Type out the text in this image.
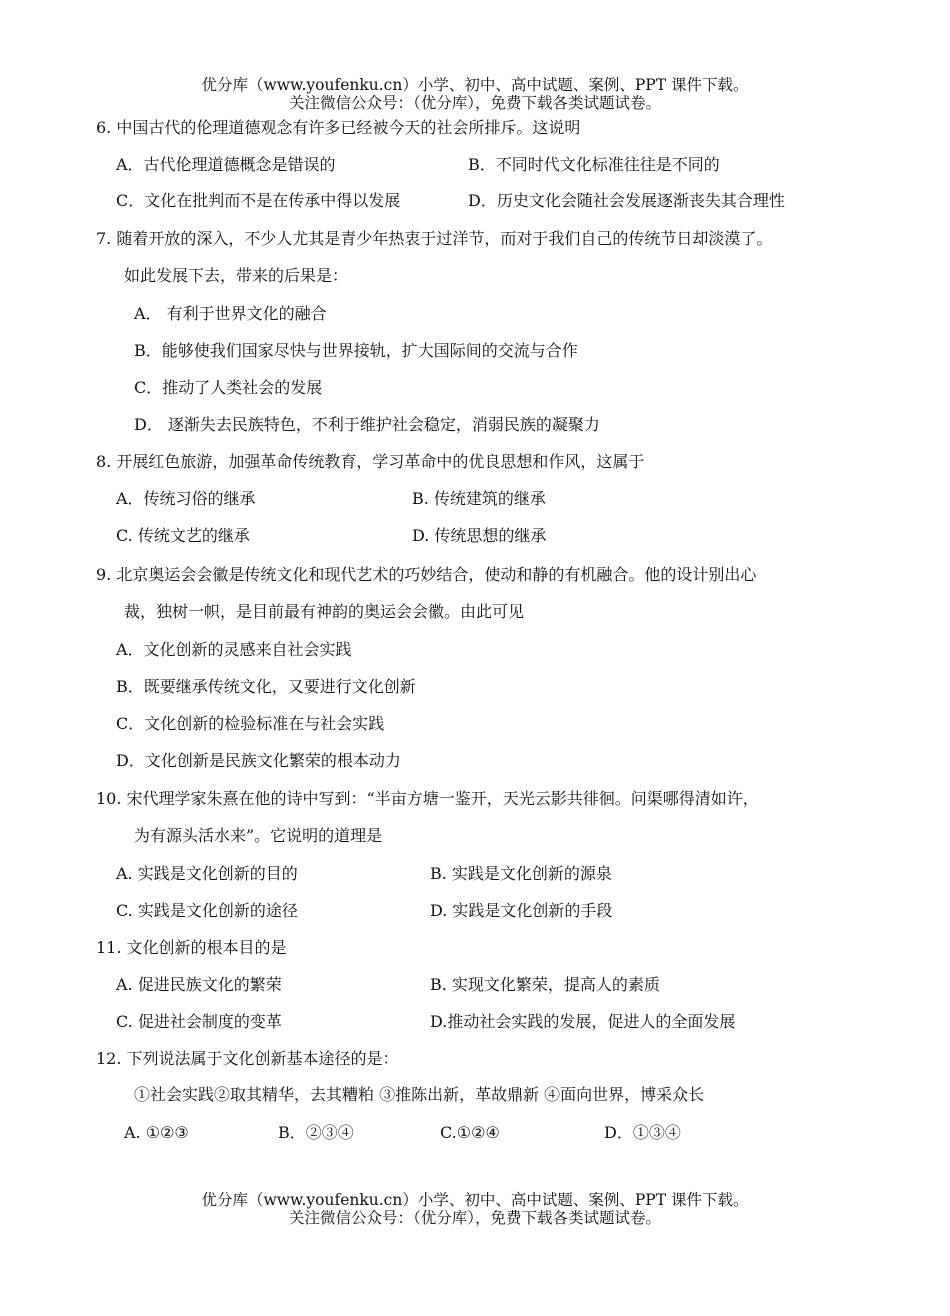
优分库（www.youfenku.cn）小学、初中、高中试题、案例、PPT 课件下载。
关注微信公众号：（优分库），免费下载各类试题试卷。
6. 中国古代的伦理道德观念有许多已经被今天的社会所排斥。这说明
A．古代伦理道德概念是错误的	B．不同时代文化标准往往是不同的
C．文化在批判而不是在传承中得以发展	D．历史文化会随社会发展逐渐丧失其合理性
7. 随着开放的深入，不少人尤其是青少年热衷于过洋节，而对于我们自己的传统节日却淡漠了。
如此发展下去，带来的后果是：
A． 有利于世界文化的融合
B．能够使我们国家尽快与世界接轨，扩大国际间的交流与合作
C．推动了人类社会的发展
D． 逐渐失去民族特色，不利于维护社会稳定，消弱民族的凝聚力
8. 开展红色旅游，加强革命传统教育，学习革命中的优良思想和作风，这属于
A．传统习俗的继承	B. 传统建筑的继承
C. 传统文艺的继承	D. 传统思想的继承
9. 北京奥运会会徽是传统文化和现代艺术的巧妙结合，使动和静的有机融合。他的设计别出心
裁，独树一帜，是目前最有神韵的奥运会会徽。由此可见
A．文化创新的灵感来自社会实践
B．既要继承传统文化，又要进行文化创新
C．文化创新的检验标准在与社会实践
D．文化创新是民族文化繁荣的根本动力
10. 宋代理学家朱熹在他的诗中写到：“半亩方塘一鉴开，天光云影共徘徊。问渠哪得清如许，
为有源头活水来”。它说明的道理是
A. 实践是文化创新的目的	B. 实践是文化创新的源泉
C. 实践是文化创新的途径	D. 实践是文化创新的手段
11. 文化创新的根本目的是
A. 促进民族文化的繁荣	B. 实现文化繁荣，提高人的素质
C. 促进社会制度的变革	D.推动社会实践的发展，促进人的全面发展
12. 下列说法属于文化创新基本途径的是：
①社会实践②取其精华，去其糟粕 ③推陈出新，革故鼎新 ④面向世界，博采众长
A. ①②③	B．②③④	C.①②④	D．①③④
优分库（www.youfenku.cn）小学、初中、高中试题、案例、PPT 课件下载。
关注微信公众号：（优分库），免费下载各类试题试卷。
